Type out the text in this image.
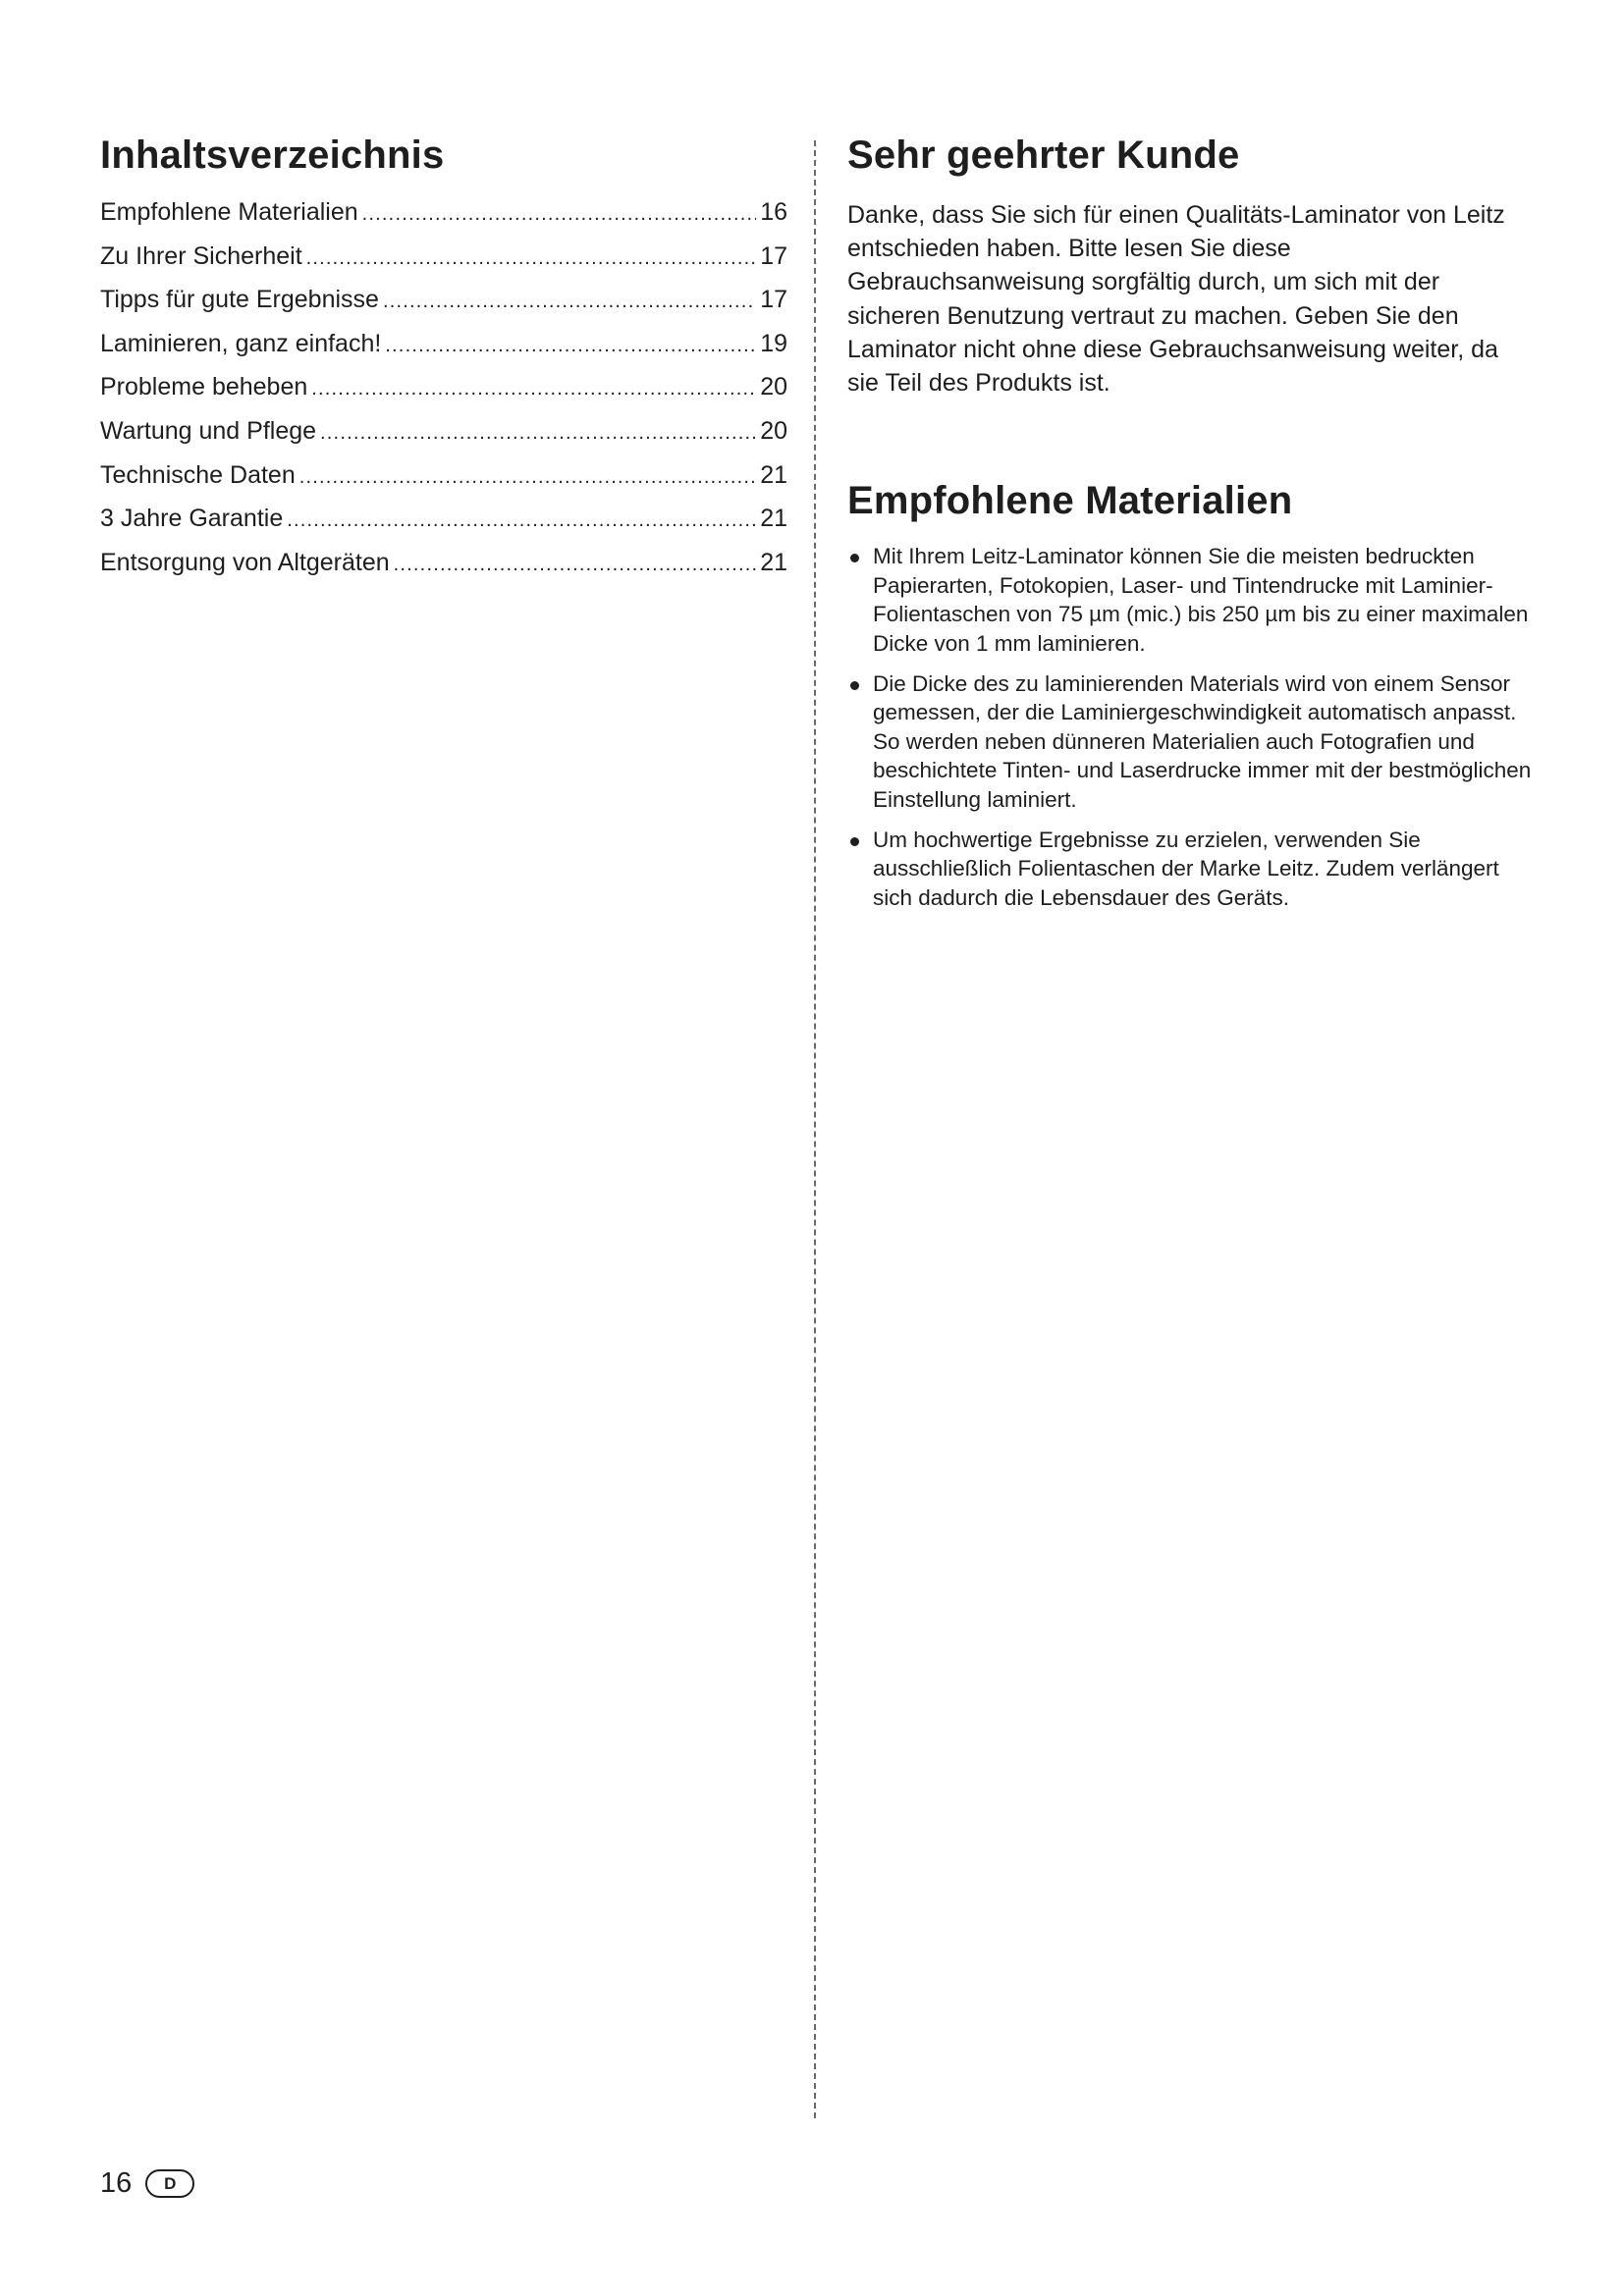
Inhaltsverzeichnis
Empfohlene Materialien .....	16
Zu Ihrer Sicherheit .....	17
Tipps für gute Ergebnisse .....	17
Laminieren, ganz einfach! .....	19
Probleme beheben .....	20
Wartung und Pflege .....	20
Technische Daten .....	21
3 Jahre Garantie .....	21
Entsorgung von Altgeräten .....	21
Sehr geehrter Kunde

Danke, dass Sie sich für einen Qualitäts-Laminator von Leitz entschieden haben. Bitte lesen Sie diese Gebrauchsanweisung sorgfältig durch, um sich mit der sicheren Benutzung vertraut zu machen. Geben Sie den Laminator nicht ohne diese Gebrauchsanweisung weiter, da sie Teil des Produkts ist.

Empfohlene Materialien
Mit Ihrem Leitz-Laminator können Sie die meisten bedruckten Papierarten, Fotokopien, Laser- und Tintendrucke mit Laminier-Folientaschen von 75 µm (mic.) bis 250 µm bis zu einer maximalen Dicke von 1 mm laminieren.
Die Dicke des zu laminierenden Materials wird von einem Sensor gemessen, der die Laminiergeschwindigkeit automatisch anpasst. So werden neben dünneren Materialien auch Fotografien und beschichtete Tinten- und Laserdrucke immer mit der bestmöglichen Einstellung laminiert.
Um hochwertige Ergebnisse zu erzielen, verwenden Sie ausschließlich Folientaschen der Marke Leitz. Zudem verlängert sich dadurch die Lebensdauer des Geräts.
16	D
